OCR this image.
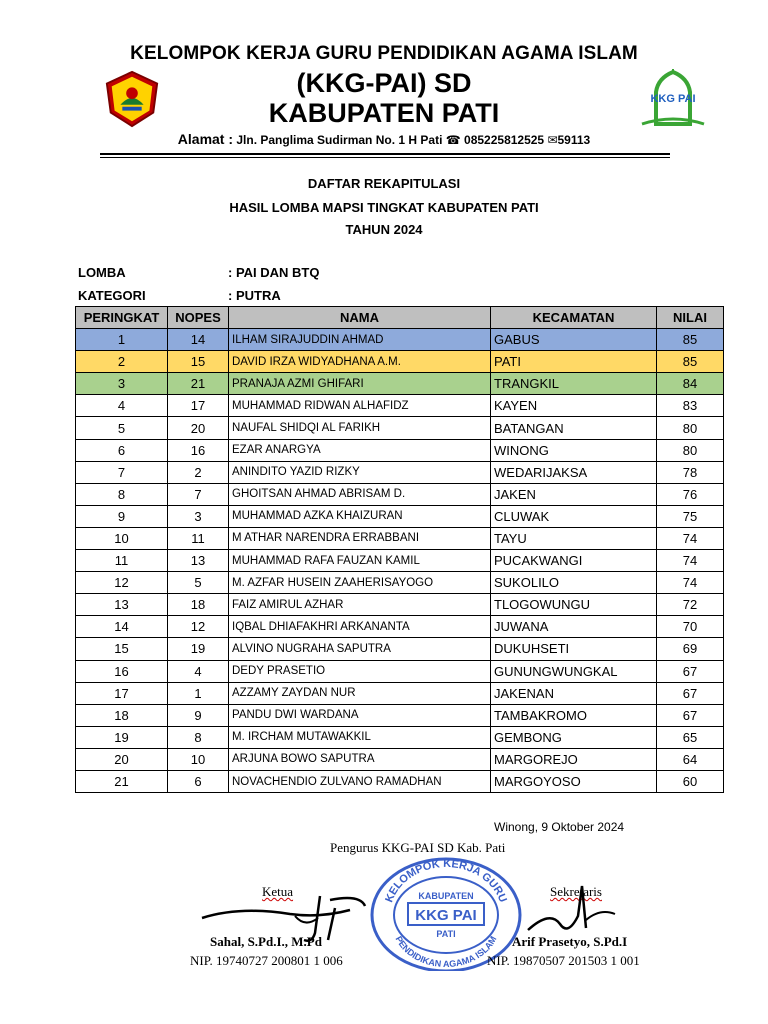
KKG PAI
KELOMPOK KERJA GURU PENDIDIKAN AGAMA ISLAM
(KKG-PAI) SD
KABUPATEN PATI
Alamat : Jln. Panglima Sudirman No. 1 H Pati ☎ 085225812525 ✉59113
DAFTAR REKAPITULASI
HASIL LOMBA MAPSI TINGKAT KABUPATEN PATI
TAHUN 2024
LOMBA	: PAI DAN BTQ
KATEGORI	: PUTRA
PERINGKAT	NOPES	NAMA	KECAMATAN	NILAI
1	14	ILHAM SIRAJUDDIN AHMAD	GABUS	85
2	15	DAVID IRZA WIDYADHANA A.M.	PATI	85
3	21	PRANAJA AZMI GHIFARI	TRANGKIL	84
4	17	MUHAMMAD RIDWAN ALHAFIDZ	KAYEN	83
5	20	NAUFAL SHIDQI AL FARIKH	BATANGAN	80
6	16	EZAR ANARGYA	WINONG	80
7	2	ANINDITO YAZID RIZKY	WEDARIJAKSA	78
8	7	GHOITSAN AHMAD ABRISAM D.	JAKEN	76
9	3	MUHAMMAD AZKA KHAIZURAN	CLUWAK	75
10	11	M ATHAR NARENDRA ERRABBANI	TAYU	74
11	13	MUHAMMAD RAFA FAUZAN KAMIL	PUCAKWANGI	74
12	5	M. AZFAR HUSEIN ZAAHERISAYOGO	SUKOLILO	74
13	18	FAIZ AMIRUL AZHAR	TLOGOWUNGU	72
14	12	IQBAL DHIAFAKHRI ARKANANTA	JUWANA	70
15	19	ALVINO NUGRAHA SAPUTRA	DUKUHSETI	69
16	4	DEDY PRASETIO	GUNUNGWUNGKAL	67
17	1	AZZAMY ZAYDAN NUR	JAKENAN	67
18	9	PANDU DWI WARDANA	TAMBAKROMO	67
19	8	M. IRCHAM MUTAWAKKIL	GEMBONG	65
20	10	ARJUNA BOWO SAPUTRA	MARGOREJO	64
21	6	NOVACHENDIO ZULVANO RAMADHAN	MARGOYOSO	60
Winong, 9 Oktober 2024
Pengurus KKG-PAI SD Kab. Pati
Ketua	Sekretaris
KELOMPOK KERJA GURU
PENDIDIKAN AGAMA ISLAM
KABUPATEN
KKG PAI
PATI
Sahal, S.Pd.I., M.Pd	Arif Prasetyo, S.Pd.I
NIP. 19740727 200801 1 006	NIP. 19870507 201503 1 001
